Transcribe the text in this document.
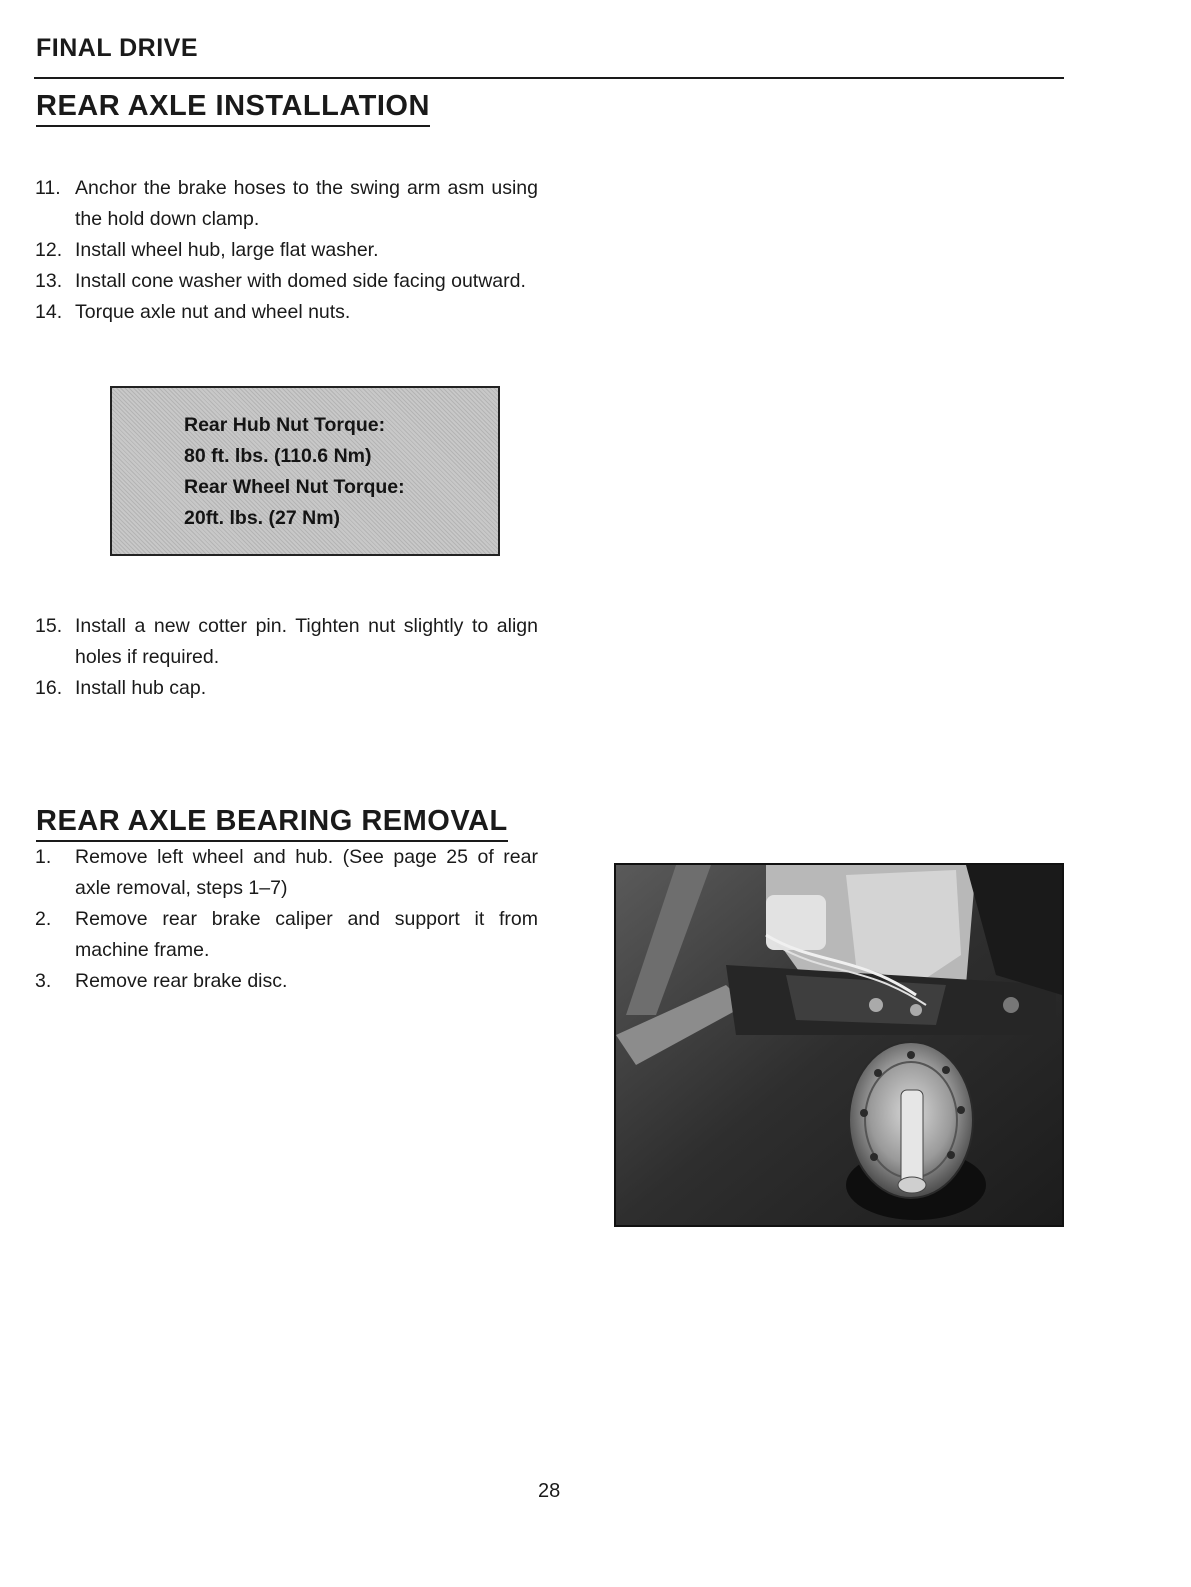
FINAL DRIVE
REAR AXLE INSTALLATION
11. Anchor the brake hoses to the swing arm asm using the hold down clamp.
12. Install wheel hub, large flat washer.
13. Install cone washer with domed side facing outward.
14. Torque axle nut and wheel nuts.
Rear Hub Nut Torque:
80 ft. lbs. (110.6 Nm)
Rear Wheel Nut Torque:
20ft. lbs. (27 Nm)
15. Install a new cotter pin. Tighten nut slightly to align holes if required.
16. Install hub cap.
REAR AXLE BEARING REMOVAL
1.	Remove left wheel and hub. (See page 25 of rear axle removal, steps 1–7)
2.	Remove rear brake caliper and support it from machine frame.
3.	Remove rear brake disc.

28
